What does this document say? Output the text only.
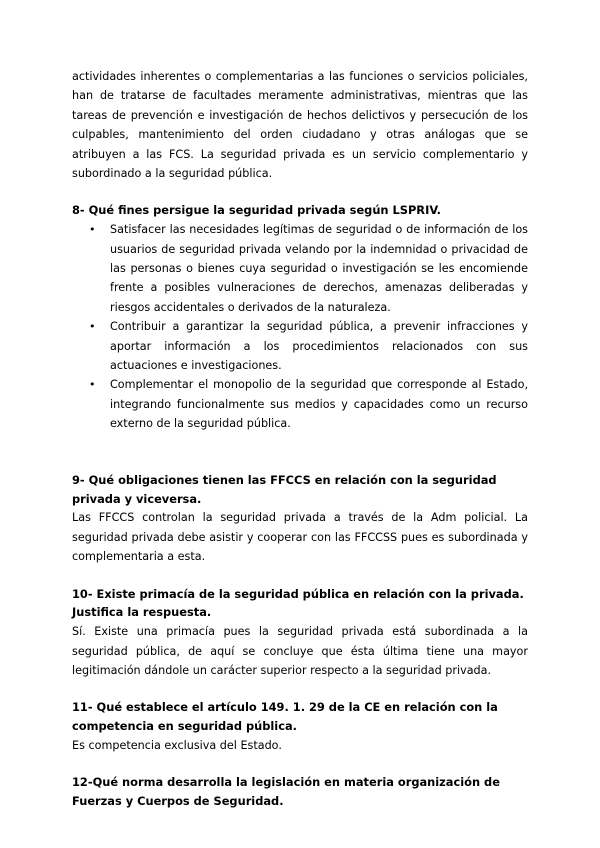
actividades inherentes o complementarias a las funciones o servicios policiales, han de tratarse de facultades meramente administrativas, mientras que las tareas de prevención e investigación de hechos delictivos y persecución de los culpables, mantenimiento del orden ciudadano y otras análogas que se atribuyen a las FCS. La seguridad privada es un servicio complementario y subordinado a la seguridad pública.

8- Qué fines persigue la seguridad privada según LSPRIV.

• Satisfacer las necesidades legítimas de seguridad o de información de los usuarios de seguridad privada velando por la indemnidad o privacidad de las personas o bienes cuya seguridad o investigación se les encomiende frente a posibles vulneraciones de derechos, amenazas deliberadas y riesgos accidentales o derivados de la naturaleza.
• Contribuir a garantizar la seguridad pública, a prevenir infracciones y aportar información a los procedimientos relacionados con sus actuaciones e investigaciones.
• Complementar el monopolio de la seguridad que corresponde al Estado, integrando funcionalmente sus medios y capacidades como un recurso externo de la seguridad pública.

9- Qué obligaciones tienen las FFCCS en relación con la seguridad privada y viceversa.

Las FFCCS controlan la seguridad privada a través de la Adm policial. La seguridad privada debe asistir y cooperar con las FFCCSS pues es subordinada y complementaria a esta.

10- Existe primacía de la seguridad pública en relación con la privada. Justifica la respuesta.

Sí. Existe una primacía pues la seguridad privada está subordinada a la seguridad pública, de aquí se concluye que ésta última tiene una mayor legitimación dándole un carácter superior respecto a la seguridad privada.

11- Qué establece el artículo 149. 1. 29 de la CE en relación con la competencia en seguridad pública.

Es competencia exclusiva del Estado.

12-Qué norma desarrolla la legislación en materia organización de Fuerzas y Cuerpos de Seguridad.
